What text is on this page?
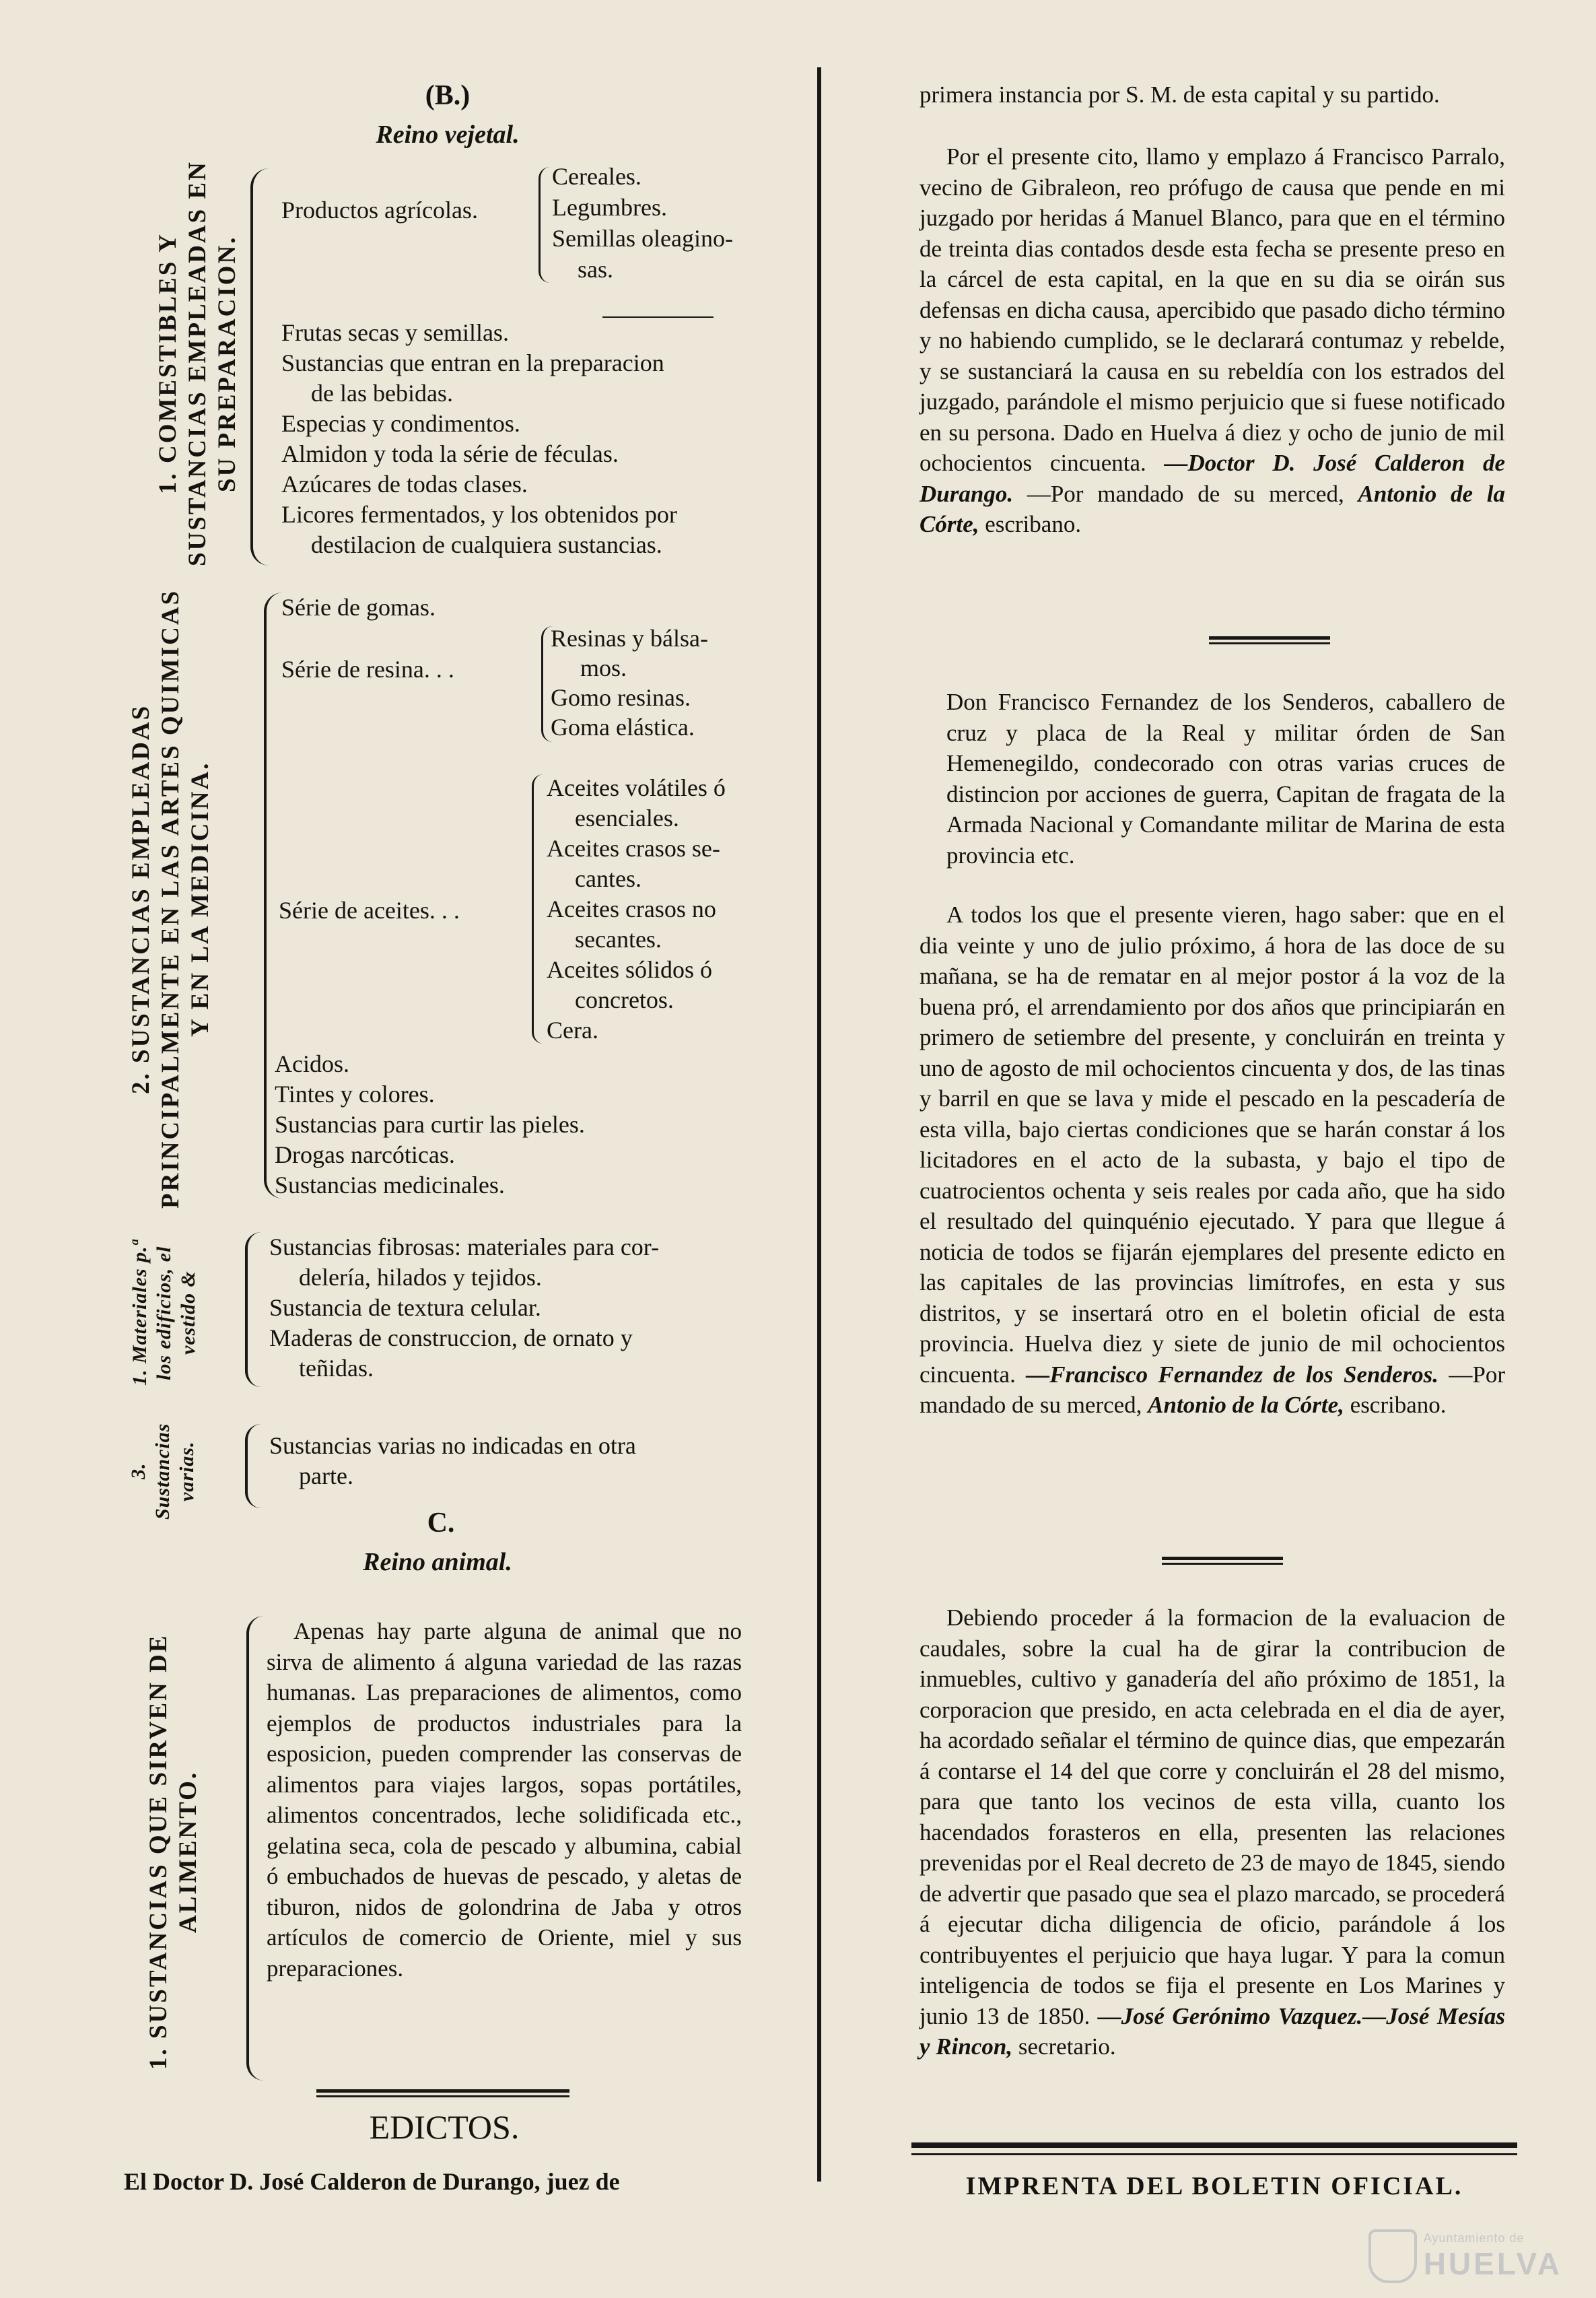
(B.)
Reino vejetal.
1. COMESTIBLES Y SUSTANCIAS EMPLEADAS EN SU PREPARACION.
Productos agrícolas.
Cereales.
Legumbres.
Semillas oleagino-
sas.
Frutas secas y semillas.
Sustancias que entran en la preparacion
de las bebidas.
Especias y condimentos.
Almidon y toda la série de féculas.
Azúcares de todas clases.
Licores fermentados, y los obtenidos por
destilacion de cualquiera sustancias.
2. SUSTANCIAS EMPLEADAS PRINCIPALMENTE EN LAS ARTES QUIMICAS Y EN LA MEDICINA.
Série de gomas.
Série de resina. . .
Resinas y bálsa-
mos.
Gomo resinas.
Goma elástica.
Série de aceites. . .
Aceites volátiles ó
esenciales.
Aceites crasos se-
cantes.
Aceites crasos no
secantes.
Aceites sólidos ó
concretos.
Cera.
Acidos.
Tintes y colores.
Sustancias para curtir las pieles.
Drogas narcóticas.
Sustancias medicinales.
1. Materiales p.ª los edificios, el vestido &
Sustancias fibrosas: materiales para cor-
delería, hilados y tejidos.
Sustancia de textura celular.
Maderas de construccion, de ornato y
teñidas.
3. Sustancias varias.	Sustancias varias no indicadas en otra
parte.
C.
Reino animal.
1. SUSTANCIAS QUE SIRVEN DE ALIMENTO.

Apenas hay parte alguna de animal que no sirva de alimento á alguna variedad de las razas humanas. Las preparaciones de alimentos, como ejemplos de productos industriales para la esposicion, pueden comprender las conservas de alimentos para viajes largos, sopas portátiles, alimentos concentrados, leche solidificada etc., gelatina seca, cola de pescado y albumina, cabial ó embuchados de huevas de pescado, y aletas de tiburon, nidos de golondrina de Jaba y otros artículos de comercio de Oriente, miel y sus preparaciones.

EDICTOS.
El Doctor D. José Calderon de Durango, juez de
primera instancia por S. M. de esta capital y su partido.

Por el presente cito, llamo y emplazo á Francisco Parralo, vecino de Gibraleon, reo prófugo de causa que pende en mi juzgado por heridas á Manuel Blanco, para que en el término de treinta dias contados desde esta fecha se presente preso en la cárcel de esta capital, en la que en su dia se oirán sus defensas en dicha causa, apercibido que pasado dicho término y no habiendo cumplido, se le declarará contumaz y rebelde, y se sustanciará la causa en su rebeldía con los estrados del juzgado, parándole el mismo perjuicio que si fuese notificado en su persona. Dado en Huelva á diez y ocho de junio de mil ochocientos cincuenta. —Doctor D. José Calderon de Durango. —Por mandado de su merced, Antonio de la Córte, escribano.

Don Francisco Fernandez de los Senderos, caballero de cruz y placa de la Real y militar órden de San Hemenegildo, condecorado con otras varias cruces de distincion por acciones de guerra, Capitan de fragata de la Armada Nacional y Comandante militar de Marina de esta provincia etc.

A todos los que el presente vieren, hago saber: que en el dia veinte y uno de julio próximo, á hora de las doce de su mañana, se ha de rematar en al mejor postor á la voz de la buena pró, el arrendamiento por dos años que principiarán en primero de setiembre del presente, y concluirán en treinta y uno de agosto de mil ochocientos cincuenta y dos, de las tinas y barril en que se lava y mide el pescado en la pescadería de esta villa, bajo ciertas condiciones que se harán constar á los licitadores en el acto de la subasta, y bajo el tipo de cuatrocientos ochenta y seis reales por cada año, que ha sido el resultado del quinquénio ejecutado. Y para que llegue á noticia de todos se fijarán ejemplares del presente edicto en las capitales de las provincias limítrofes, en esta y sus distritos, y se insertará otro en el boletin oficial de esta provincia. Huelva diez y siete de junio de mil ochocientos cincuenta. —Francisco Fernandez de los Senderos. —Por mandado de su merced, Antonio de la Córte, escribano.

Debiendo proceder á la formacion de la evaluacion de caudales, sobre la cual ha de girar la contribucion de inmuebles, cultivo y ganadería del año próximo de 1851, la corporacion que presido, en acta celebrada en el dia de ayer, ha acordado señalar el término de quince dias, que empezarán á contarse el 14 del que corre y concluirán el 28 del mismo, para que tanto los vecinos de esta villa, cuanto los hacendados forasteros en ella, presenten las relaciones prevenidas por el Real decreto de 23 de mayo de 1845, siendo de advertir que pasado que sea el plazo marcado, se procederá á ejecutar dicha diligencia de oficio, parándole á los contribuyentes el perjuicio que haya lugar. Y para la comun inteligencia de todos se fija el presente en Los Marines y junio 13 de 1850. —José Gerónimo Vazquez.—José Mesías y Rincon, secretario.

IMPRENTA DEL BOLETIN OFICIAL.
Ayuntamiento de
HUELVA
